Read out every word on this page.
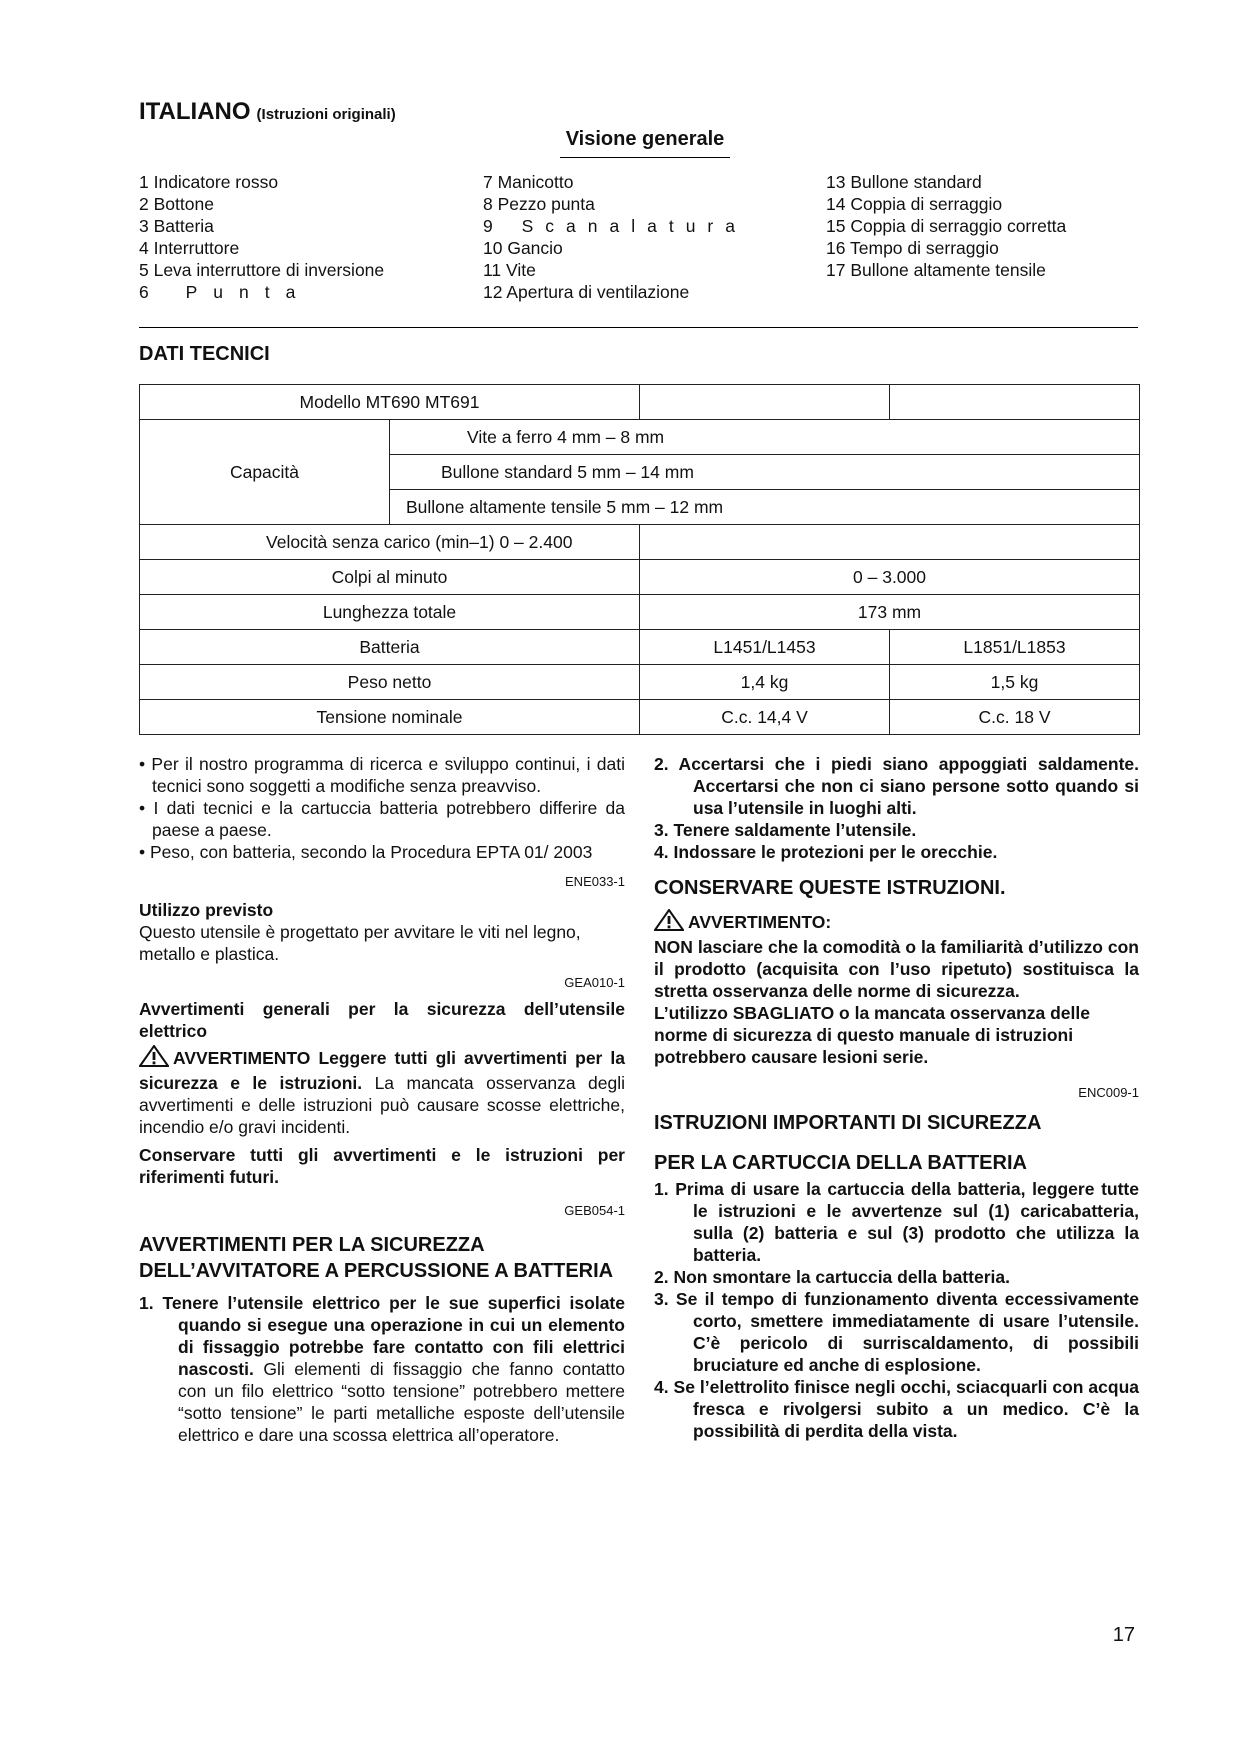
ITALIANO (Istruzioni originali)
Visione generale
1 Indicatore rosso
2 Bottone
3 Batteria
4 Interruttore
5 Leva interruttore di inversione
6 Punta
7 Manicotto
8 Pezzo punta
9 Scanalatura
10 Gancio
11 Vite
12 Apertura di ventilazione
13 Bullone standard
14 Coppia di serraggio
15 Coppia di serraggio corretta
16 Tempo di serraggio
17 Bullone altamente tensile
DATI TECNICI
Modello MT690 MT691			
Capacità	Vite a ferro 4 mm – 8 mm		
	Bullone standard 5 mm – 14 mm		
	Bullone altamente tensile 5 mm – 12 mm		
Velocità senza carico (min–1) 0 – 2.400			
Colpi al minuto		0 – 3.000	
Lunghezza totale		173 mm	
Batteria		L1451/L1453	L1851/L1853
Peso netto		1,4 kg	1,5 kg
Tensione nominale		C.c. 14,4 V	C.c. 18 V

• Per il nostro programma di ricerca e sviluppo continui, i dati tecnici sono soggetti a modifiche senza preavviso.

• I dati tecnici e la cartuccia batteria potrebbero differire da paese a paese.

• Peso, con batteria, secondo la Procedura EPTA 01/ 2003

ENE033-1

Utilizzo previsto

Questo utensile è progettato per avvitare le viti nel legno, metallo e plastica.

GEA010-1

Avvertimenti generali per la sicurezza dell’utensile elettrico

AVVERTIMENTO Leggere tutti gli avvertimenti per la sicurezza e le istruzioni. La mancata osservanza degli avvertimenti e delle istruzioni può causare scosse elettriche, incendio e/o gravi incidenti.

Conservare tutti gli avvertimenti e le istruzioni per riferimenti futuri.

GEB054-1

AVVERTIMENTI PER LA SICUREZZA DELL’AVVITATORE A PERCUSSIONE A BATTERIA

1. Tenere l’utensile elettrico per le sue superfici isolate quando si esegue una operazione in cui un elemento di fissaggio potrebbe fare contatto con fili elettrici nascosti. Gli elementi di fissaggio che fanno contatto con un filo elettrico “sotto tensione” potrebbero mettere “sotto tensione” le parti metalliche esposte dell’utensile elettrico e dare una scossa elettrica all’operatore.

2. Accertarsi che i piedi siano appoggiati saldamente. Accertarsi che non ci siano persone sotto quando si usa l’utensile in luoghi alti.

3. Tenere saldamente l’utensile.

4. Indossare le protezioni per le orecchie.

CONSERVARE QUESTE ISTRUZIONI.

AVVERTIMENTO:

NON lasciare che la comodità o la familiarità d’utilizzo con il prodotto (acquisita con l’uso ripetuto) sostituisca la stretta osservanza delle norme di sicurezza.

L’utilizzo SBAGLIATO o la mancata osservanza delle norme di sicurezza di questo manuale di istruzioni potrebbero causare lesioni serie.

ENC009-1

ISTRUZIONI IMPORTANTI DI SICUREZZA

PER LA CARTUCCIA DELLA BATTERIA

1. Prima di usare la cartuccia della batteria, leggere tutte le istruzioni e le avvertenze sul (1) caricabatteria, sulla (2) batteria e sul (3) prodotto che utilizza la batteria.

2. Non smontare la cartuccia della batteria.

3. Se il tempo di funzionamento diventa eccessivamente corto, smettere immediatamente di usare l’utensile. C’è pericolo di surriscaldamento, di possibili bruciature ed anche di esplosione.

4. Se l’elettrolito finisce negli occhi, sciacquarli con acqua fresca e rivolgersi subito a un medico. C’è la possibilità di perdita della vista.

17
